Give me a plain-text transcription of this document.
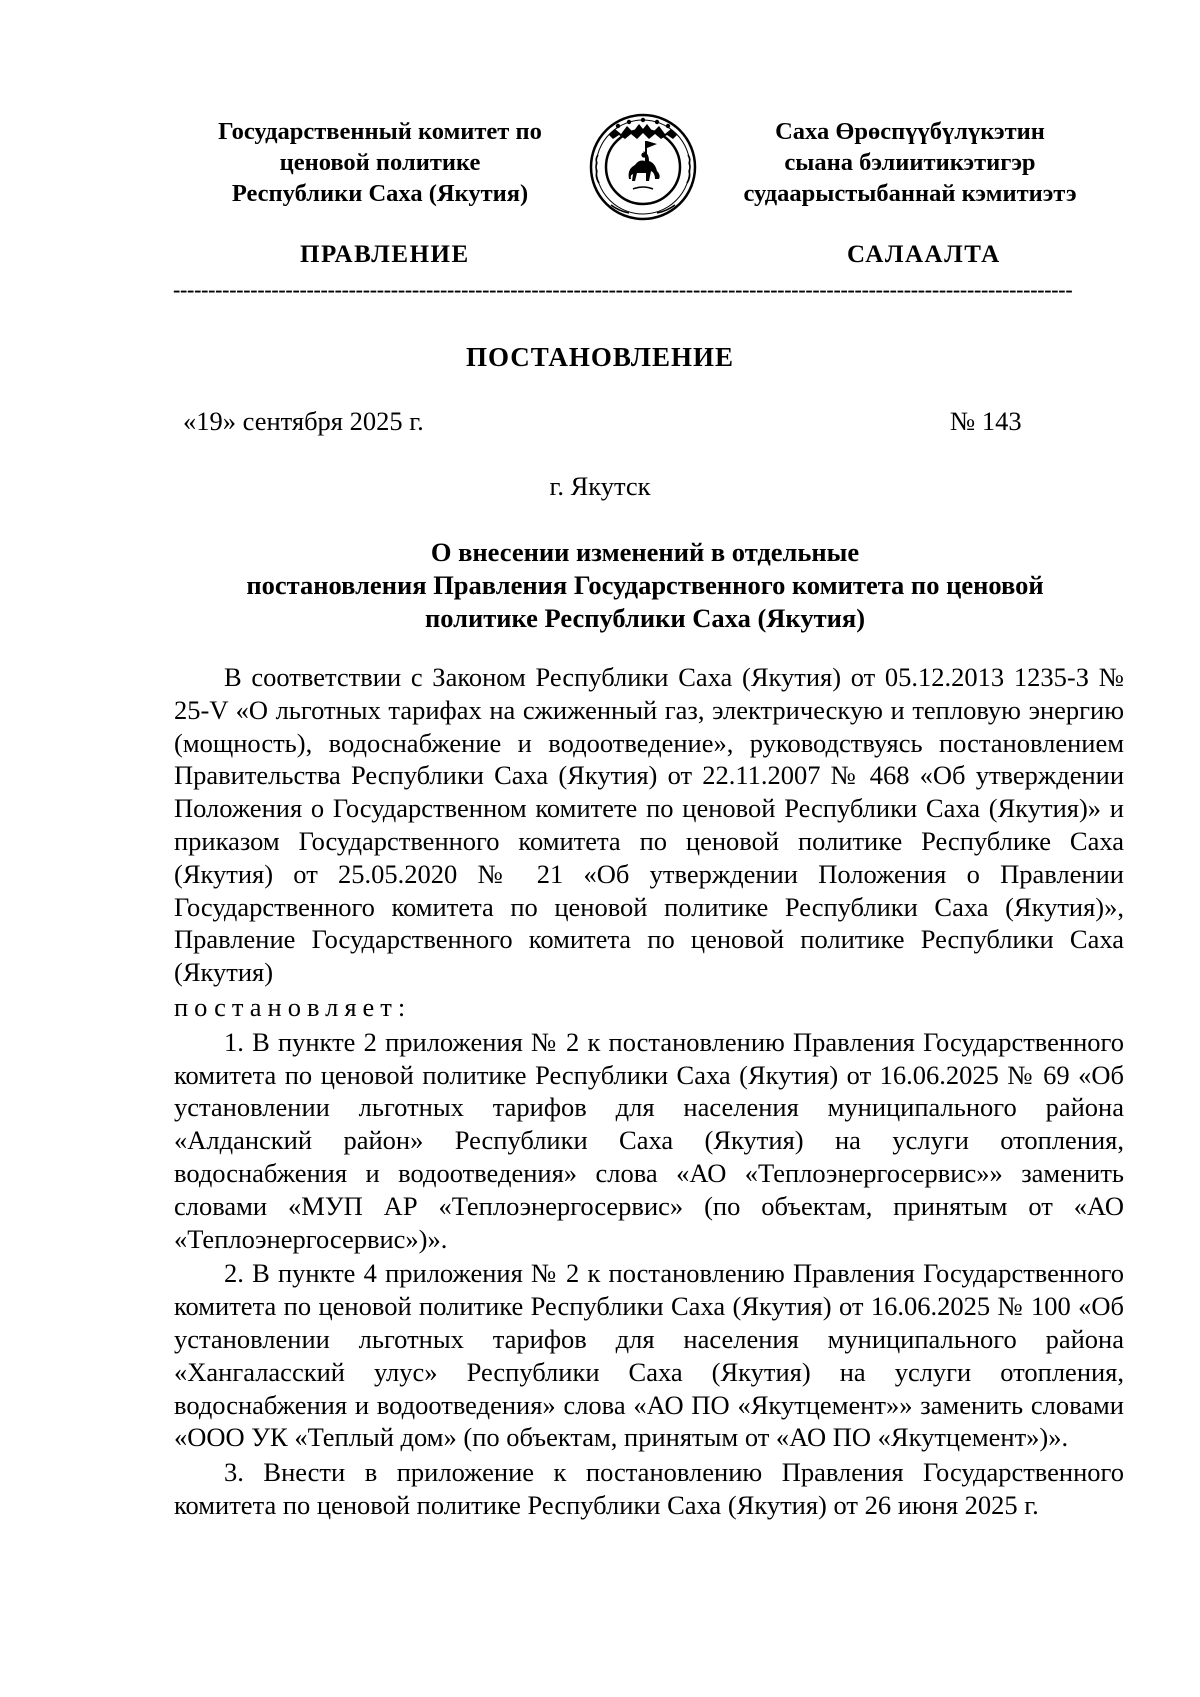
Государственный комитет по
ценовой политике
Республики Саха (Якутия)
Саха Өрөспүүбүлүкэтин
сыана бэлиитикэтигэр
судаарыстыбаннай кэмитиэтэ
ПРАВЛЕНИЕ	САЛААЛТА
--------------------------------------------------------------------------------------------------------------------------------
ПОСТАНОВЛЕНИЕ
«19» сентября 2025 г.	№ 143
г. Якутск
О внесении изменений в отдельные
постановления Правления Государственного комитета по ценовой
политике Республики Саха (Якутия)

В соответствии с Законом Республики Саха (Якутия) от 05.12.2013 1235-З № 25-V «О льготных тарифах на сжиженный газ, электрическую и тепловую энергию (мощность), водоснабжение и водоотведение», руководствуясь постановлением Правительства Республики Саха (Якутия) от 22.11.2007 № 468 «Об утверждении Положения о Государственном комитете по ценовой Республики Саха (Якутия)» и приказом Государственного комитета по ценовой политике Республике Саха (Якутия) от 25.05.2020 № 21 «Об утверждении Положения о Правлении Государственного комитета по ценовой политике Республики Саха (Якутия)», Правление Государственного комитета по ценовой политике Республики Саха (Якутия)

постановляет:

1. В пункте 2 приложения № 2 к постановлению Правления Государственного комитета по ценовой политике Республики Саха (Якутия) от 16.06.2025 № 69 «Об установлении льготных тарифов для населения муниципального района «Алданский район» Республики Саха (Якутия) на услуги отопления, водоснабжения и водоотведения» слова «АО «Теплоэнергосервис»» заменить словами «МУП АР «Теплоэнергосервис» (по объектам, принятым от «АО «Теплоэнергосервис»)».

2. В пункте 4 приложения № 2 к постановлению Правления Государственного комитета по ценовой политике Республики Саха (Якутия) от 16.06.2025 № 100 «Об установлении льготных тарифов для населения муниципального района «Хангаласский улус» Республики Саха (Якутия) на услуги отопления, водоснабжения и водоотведения» слова «АО ПО «Якутцемент»» заменить словами «ООО УК «Теплый дом» (по объектам, принятым от «АО ПО «Якутцемент»)».

3. Внести в приложение к постановлению Правления Государственного комитета по ценовой политике Республики Саха (Якутия) от 26 июня 2025 г.
